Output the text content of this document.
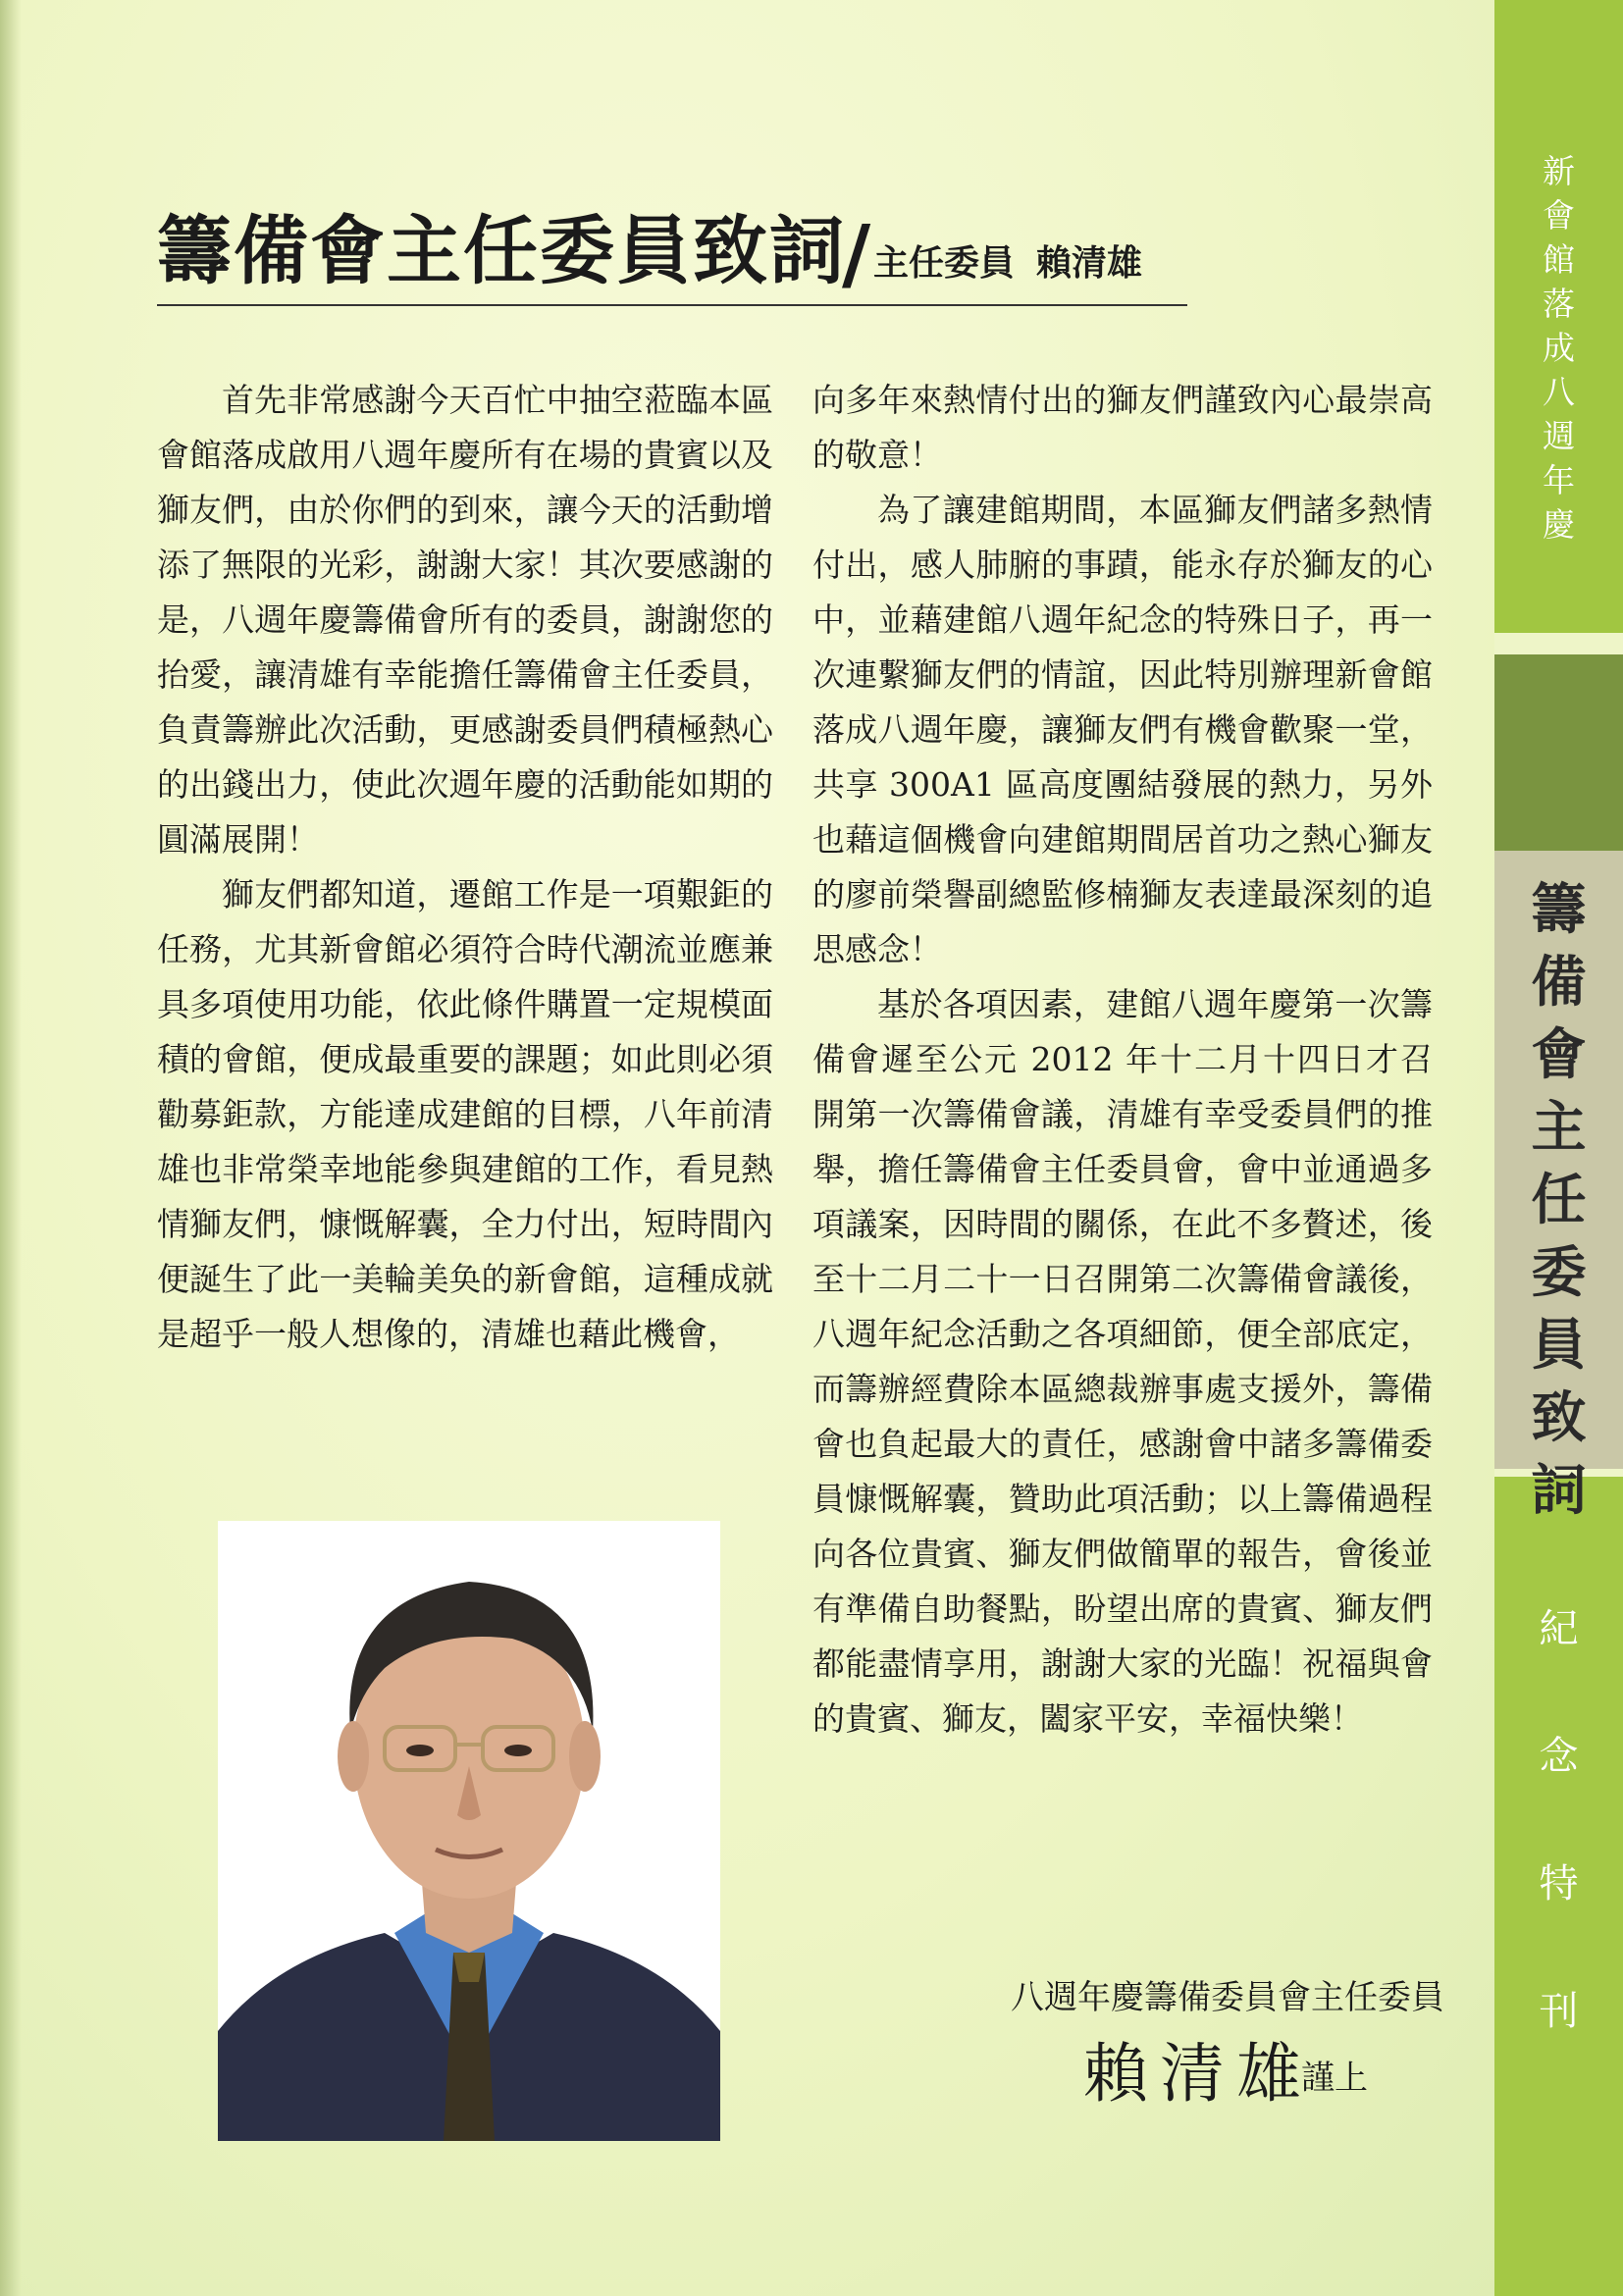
籌備會主任委員致詞
/ 主任委員 賴清雄

首先非常感謝今天百忙中抽空蒞臨本區會館落成啟用八週年慶所有在場的貴賓以及獅友們，由於你們的到來，讓今天的活動增添了無限的光彩，謝謝大家！其次要感謝的是，八週年慶籌備會所有的委員，謝謝您的抬愛，讓清雄有幸能擔任籌備會主任委員，負責籌辦此次活動，更感謝委員們積極熱心的出錢出力，使此次週年慶的活動能如期的圓滿展開！

獅友們都知道，遷館工作是一項艱鉅的任務，尤其新會館必須符合時代潮流並應兼具多項使用功能，依此條件購置一定規模面積的會館，便成最重要的課題；如此則必須勸募鉅款，方能達成建館的目標，八年前清雄也非常榮幸地能參與建館的工作，看見熱情獅友們，慷慨解囊，全力付出，短時間內便誕生了此一美輪美奂的新會館，這種成就是超乎一般人想像的，清雄也藉此機會，

向多年來熱情付出的獅友們謹致內心最崇高的敬意！

為了讓建館期間，本區獅友們諸多熱情付出，感人肺腑的事蹟，能永存於獅友的心中，並藉建館八週年紀念的特殊日子，再一次連繫獅友們的情誼，因此特別辦理新會館落成八週年慶，讓獅友們有機會歡聚一堂，共享 300A1 區高度團結發展的熱力，另外也藉這個機會向建館期間居首功之熱心獅友的廖前榮譽副總監修楠獅友表達最深刻的追思感念！

基於各項因素，建館八週年慶第一次籌備會遲至公元 2012 年十二月十四日才召開第一次籌備會議，清雄有幸受委員們的推舉，擔任籌備會主任委員會，會中並通過多項議案，因時間的關係，在此不多贅述，後至十二月二十一日召開第二次籌備會議後，八週年紀念活動之各項細節，便全部底定，而籌辦經費除本區總裁辦事處支援外，籌備會也負起最大的責任，感謝會中諸多籌備委員慷慨解囊，贊助此項活動；以上籌備過程向各位貴賓、獅友們做簡單的報告，會後並有準備自助餐點，盼望出席的貴賓、獅友們都能盡情享用，謝謝大家的光臨！祝福與會的貴賓、獅友，闔家平安，幸福快樂！

八週年慶籌備委員會主任委員
賴清雄
謹上
新
會
館
落
成
八
週
年
慶
籌
備
會
主
任
委
員
致
詞
紀
念
特
刊
